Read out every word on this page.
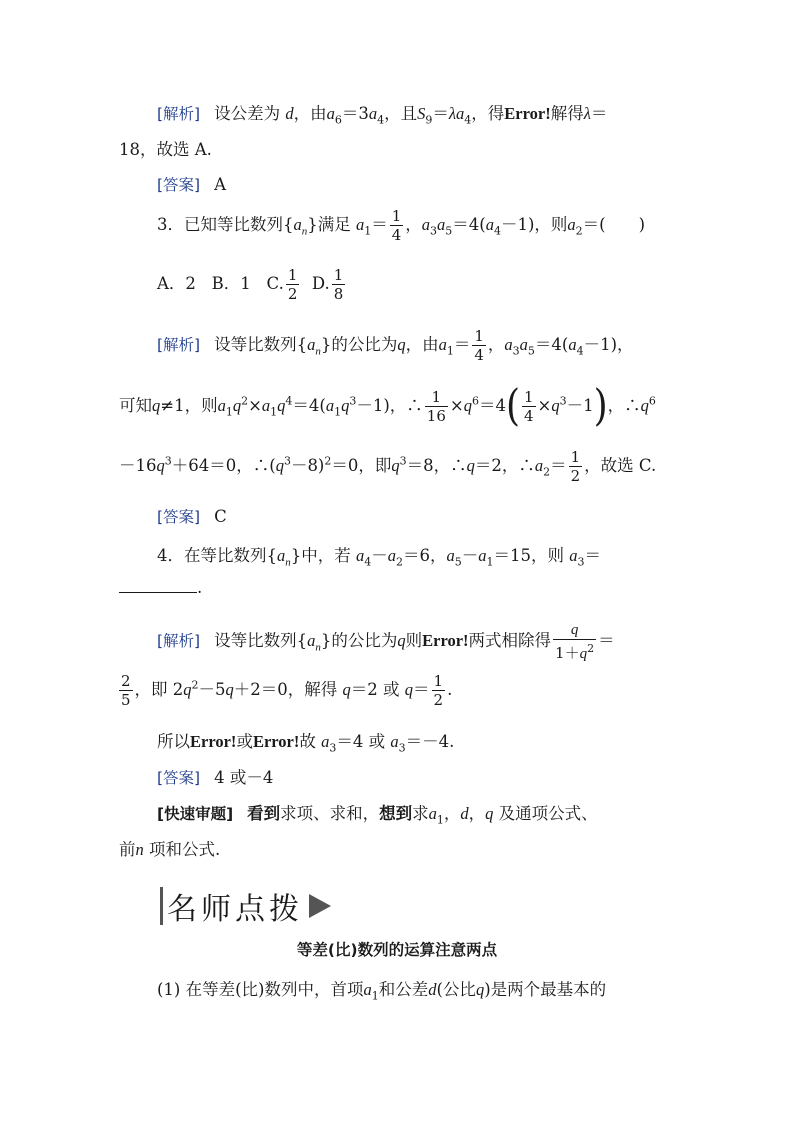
[解析] 设公差为 d，由$a_6=3a_4$，且$S_9=\lambda a_4$，得Error!解得λ＝
18，故选 A.
[答案] A
3．已知等比数列$\{a_n\}$满足 $a_1= \frac{1}{4}$ ，$a_3a_5=4(a_4-1)$，则$a_2=$(　　)
A．2 B．1 C. $\frac{1}{2} D$. $\frac{1}{8}$
[解析] 设等比数列$\{a_n\}$的公比为q，由$a_1= \frac{1}{4}$ ，$a_3a_5=4(a_4-1)$，
可知q≠1，则$a_1q^2\times a_1q^4=4(a_1q^3-1)$，∴ $\frac{1}{16} \times q^6=4( \frac{1}{4} \times q^3-1)$，$\therefore q^6$
$-16q^3+64=0$，$\therefore(q^3-8)^2=0$，即$q^3=8$，∴q＝2，$\therefore a_2= \frac{1}{2}$ ，故选 C.
[答案] C
4．在等比数列$\{a_n\}$中，若 $a_4-a_2=6$，$a_5-a_1=15$，则 $a_3=$
.
[解析] 设等比数列$\{a_n\}$的公比为q则Error!两式相除得 $\frac{q}{1+q^2}$ ＝
$\frac{2}{5}$ ，即 $2q^2-5q+2=0$，解得 q＝2 或 $q= \frac{1}{2}$ .
所以Error!或Error!故 $a_3=4$ 或 $a_3=-4$.
[答案] 4 或－4
[快速审题] 看到求项、求和，想到求$a_1$，d，q 及通项公式、
前n 项和公式.
名师点拨
等差(比)数列的运算注意两点
(1) 在等差(比)数列中，首项$a_1$和公差d(公比q)是两个最基本的
